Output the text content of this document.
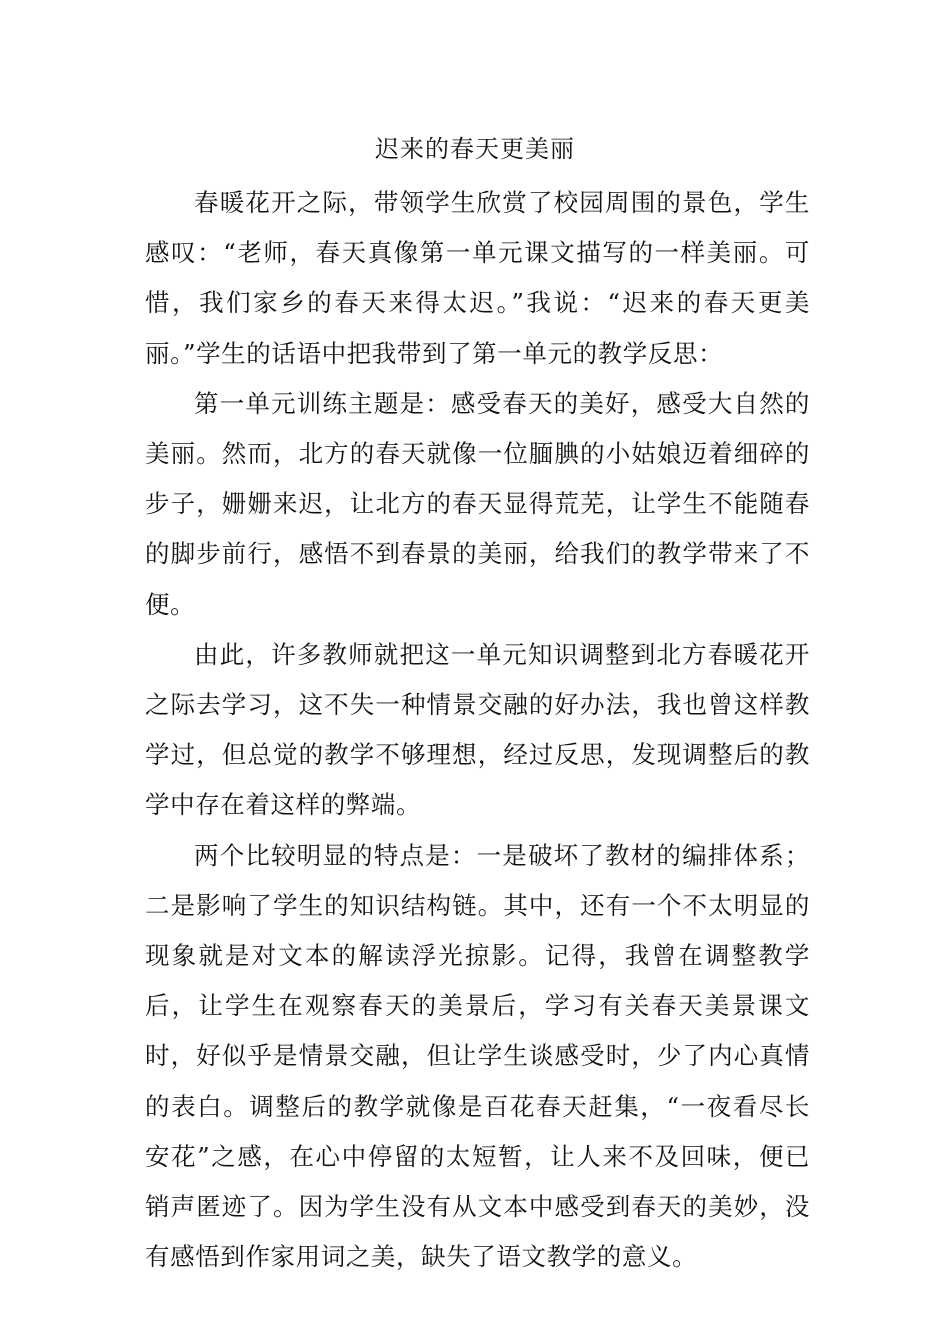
迟来的春天更美丽

春暖花开之际，带领学生欣赏了校园周围的景色，学生感叹：“老师，春天真像第一单元课文描写的一样美丽。可惜，我们家乡的春天来得太迟。”我说：“迟来的春天更美丽。”学生的话语中把我带到了第一单元的教学反思：

第一单元训练主题是：感受春天的美好，感受大自然的美丽。然而，北方的春天就像一位腼腆的小姑娘迈着细碎的步子，姗姗来迟，让北方的春天显得荒芜，让学生不能随春的脚步前行，感悟不到春景的美丽，给我们的教学带来了不便。

由此，许多教师就把这一单元知识调整到北方春暖花开之际去学习，这不失一种情景交融的好办法，我也曾这样教学过，但总觉的教学不够理想，经过反思，发现调整后的教学中存在着这样的弊端。

两个比较明显的特点是：一是破坏了教材的编排体系；二是影响了学生的知识结构链。其中，还有一个不太明显的现象就是对文本的解读浮光掠影。记得，我曾在调整教学后，让学生在观察春天的美景后，学习有关春天美景课文时，好似乎是情景交融，但让学生谈感受时，少了内心真情的表白。调整后的教学就像是百花春天赶集，“一夜看尽长安花”之感，在心中停留的太短暂，让人来不及回味，便已销声匿迹了。因为学生没有从文本中感受到春天的美妙，没有感悟到作家用词之美，缺失了语文教学的意义。
